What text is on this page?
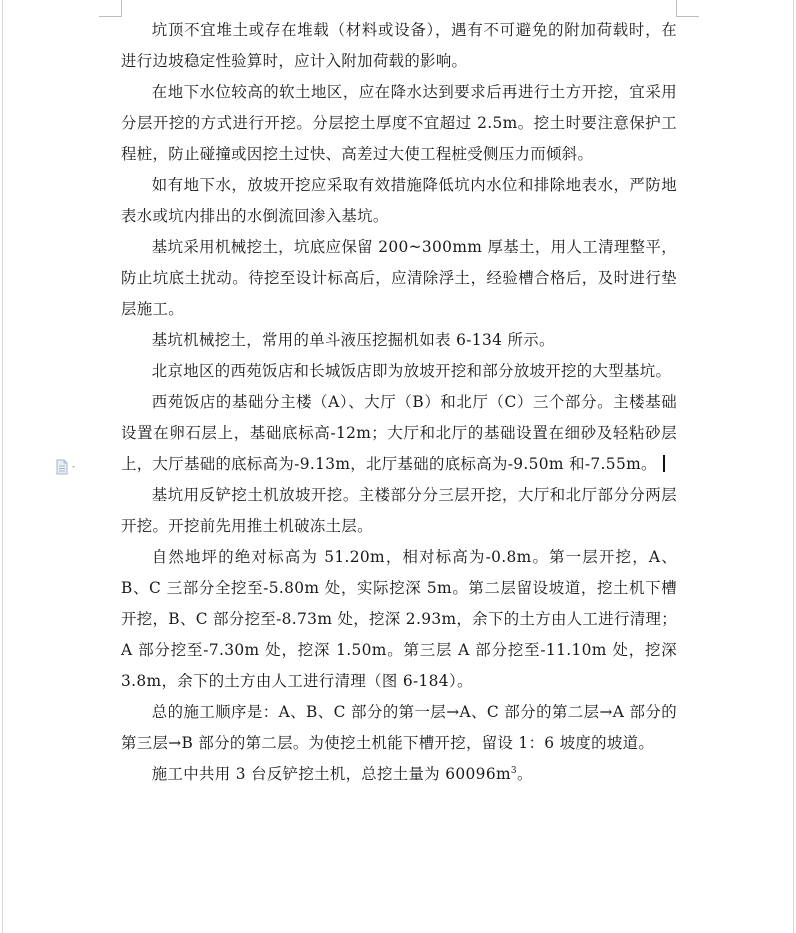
坑顶不宜堆土或存在堆载（材料或设备），遇有不可避免的附加荷载时，在进行边坡稳定性验算时，应计入附加荷载的影响。

在地下水位较高的软土地区，应在降水达到要求后再进行土方开挖，宜采用分层开挖的方式进行开挖。分层挖土厚度不宜超过 2.5m。挖土时要注意保护工程桩，防止碰撞或因挖土过快、高差过大使工程桩受侧压力而倾斜。

如有地下水，放坡开挖应采取有效措施降低坑内水位和排除地表水，严防地表水或坑内排出的水倒流回渗入基坑。

基坑采用机械挖土，坑底应保留 200~300mm 厚基土，用人工清理整平，防止坑底土扰动。待挖至设计标高后，应清除浮土，经验槽合格后，及时进行垫层施工。

基坑机械挖土，常用的单斗液压挖掘机如表 6-134 所示。

北京地区的西苑饭店和长城饭店即为放坡开挖和部分放坡开挖的大型基坑。

西苑饭店的基础分主楼（A）、大厅（B）和北厅（C）三个部分。主楼基础设置在卵石层上，基础底标高-12m；大厅和北厅的基础设置在细砂及轻粘砂层上，大厅基础的底标高为-9.13m，北厅基础的底标高为-9.50m 和-7.55m。

基坑用反铲挖土机放坡开挖。主楼部分分三层开挖，大厅和北厅部分分两层开挖。开挖前先用推土机破冻土层。

自然地坪的绝对标高为 51.20m，相对标高为-0.8m。第一层开挖，A、B、C 三部分全挖至-5.80m 处，实际挖深 5m。第二层留设坡道，挖土机下槽开挖，B、C 部分挖至-8.73m 处，挖深 2.93m，余下的土方由人工进行清理；A 部分挖至-7.30m 处，挖深 1.50m。第三层 A 部分挖至-11.10m 处，挖深 3.8m，余下的土方由人工进行清理（图 6-184）。

总的施工顺序是：A、B、C 部分的第一层→A、C 部分的第二层→A 部分的第三层→B 部分的第二层。为使挖土机能下槽开挖，留设 1：6 坡度的坡道。

施工中共用 3 台反铲挖土机，总挖土量为 $60096m^3$。
